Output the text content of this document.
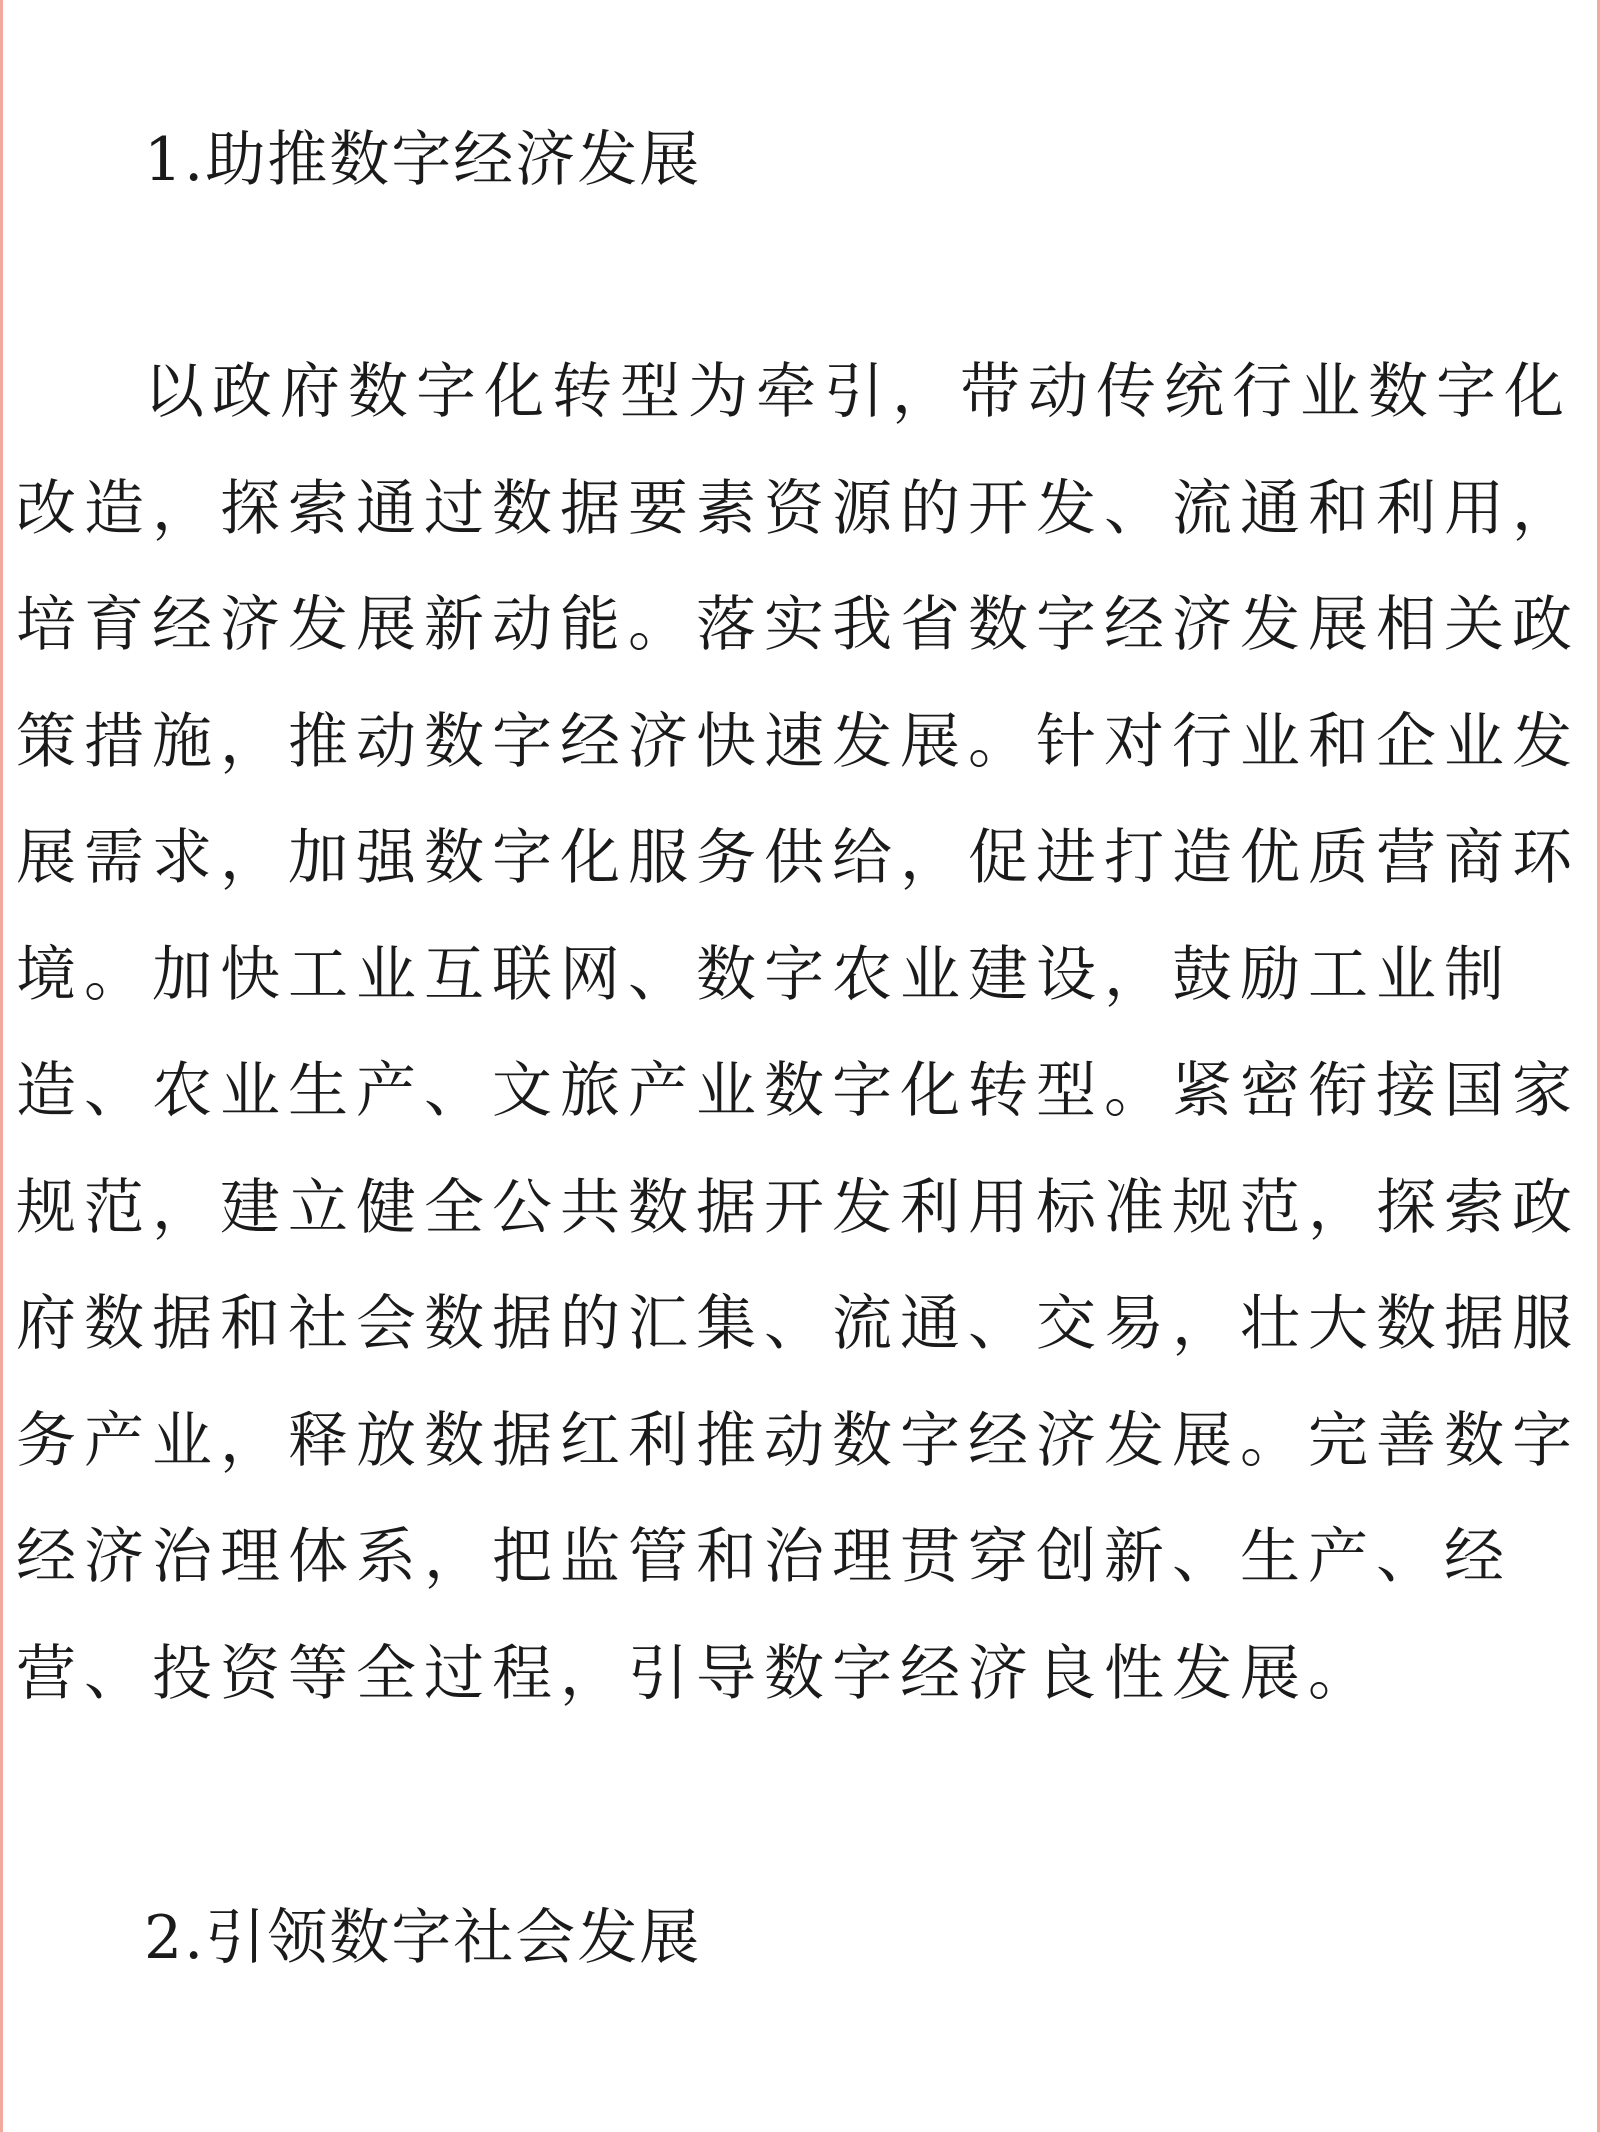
1.助推数字经济发展
以政府数字化转型为牵引，带动传统行业数字化
改造，探索通过数据要素资源的开发、流通和利用，
培育经济发展新动能。落实我省数字经济发展相关政
策措施，推动数字经济快速发展。针对行业和企业发
展需求，加强数字化服务供给，促进打造优质营商环
境。加快工业互联网、数字农业建设，鼓励工业制
造、农业生产、文旅产业数字化转型。紧密衔接国家
规范，建立健全公共数据开发利用标准规范，探索政
府数据和社会数据的汇集、流通、交易，壮大数据服
务产业，释放数据红利推动数字经济发展。完善数字
经济治理体系，把监管和治理贯穿创新、生产、经
营、投资等全过程，引导数字经济良性发展。
2.引领数字社会发展
